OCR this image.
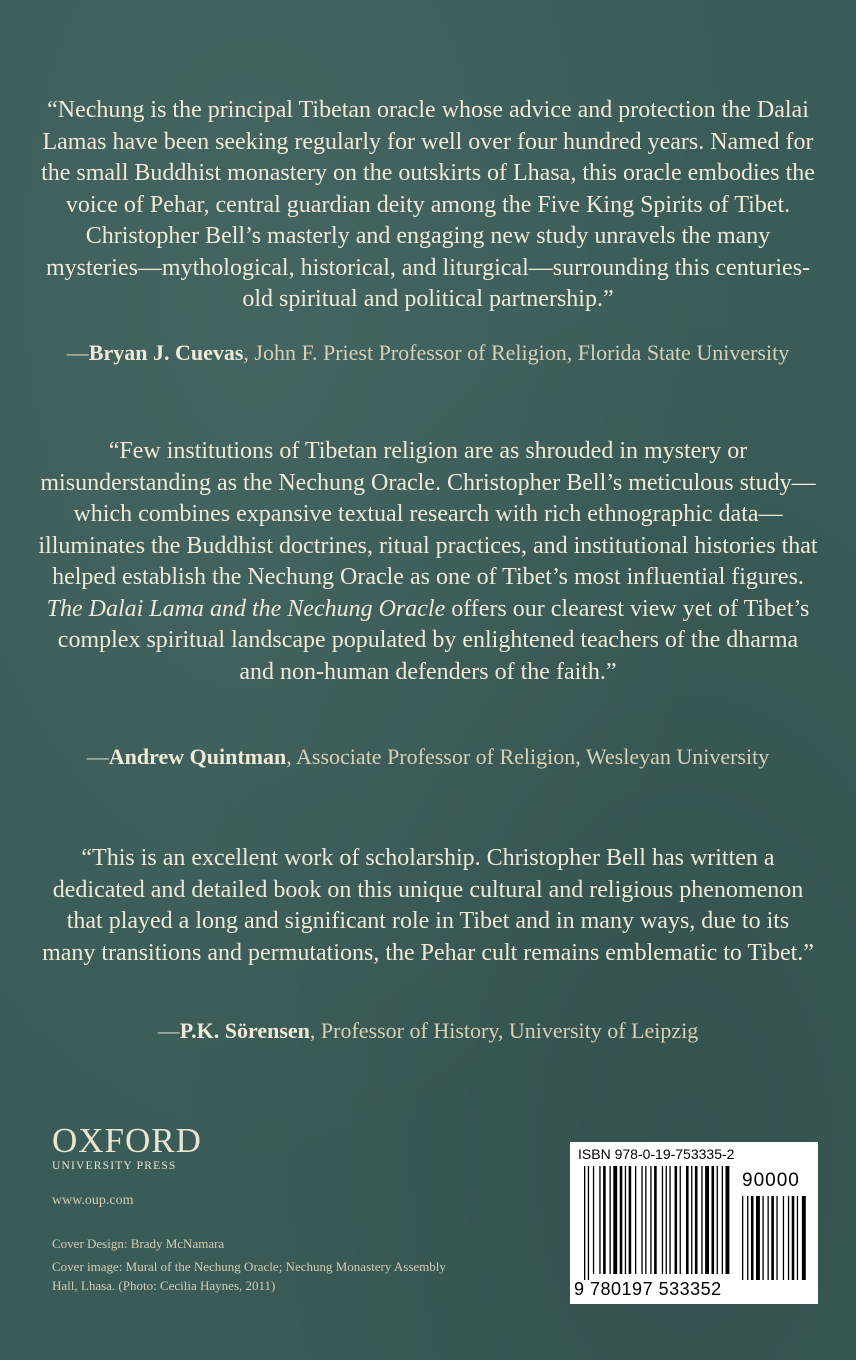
“Nechung is the principal Tibetan oracle whose advice and protection the Dalai Lamas have been seeking regularly for well over four hundred years. Named for the small Buddhist monastery on the outskirts of Lhasa, this oracle embodies the voice of Pehar, central guardian deity among the Five King Spirits of Tibet. Christopher Bell’s masterly and engaging new study unravels the many mysteries—mythological, historical, and liturgical—surrounding this centuries-old spiritual and political partnership.”

—Bryan J. Cuevas, John F. Priest Professor of Religion, Florida State University

“Few institutions of Tibetan religion are as shrouded in mystery or misunderstanding as the Nechung Oracle. Christopher Bell’s meticulous study—which combines expansive textual research with rich ethnographic data—illuminates the Buddhist doctrines, ritual practices, and institutional histories that helped establish the Nechung Oracle as one of Tibet’s most influential figures. The Dalai Lama and the Nechung Oracle offers our clearest view yet of Tibet’s complex spiritual landscape populated by enlightened teachers of the dharma and non-human defenders of the faith.”

—Andrew Quintman, Associate Professor of Religion, Wesleyan University

“This is an excellent work of scholarship. Christopher Bell has written a dedicated and detailed book on this unique cultural and religious phenomenon that played a long and significant role in Tibet and in many ways, due to its many transitions and permutations, the Pehar cult remains emblematic to Tibet.”

—P.K. Sörensen, Professor of History, University of Leipzig

OXFORD

UNIVERSITY PRESS

www.oup.com

Cover Design: Brady McNamara

Cover image: Mural of the Nechung Oracle; Nechung Monastery Assembly Hall, Lhasa. (Photo: Cecilia Haynes, 2011)

ISBN 978-0-19-753335-2

90000

9 780197 533352
